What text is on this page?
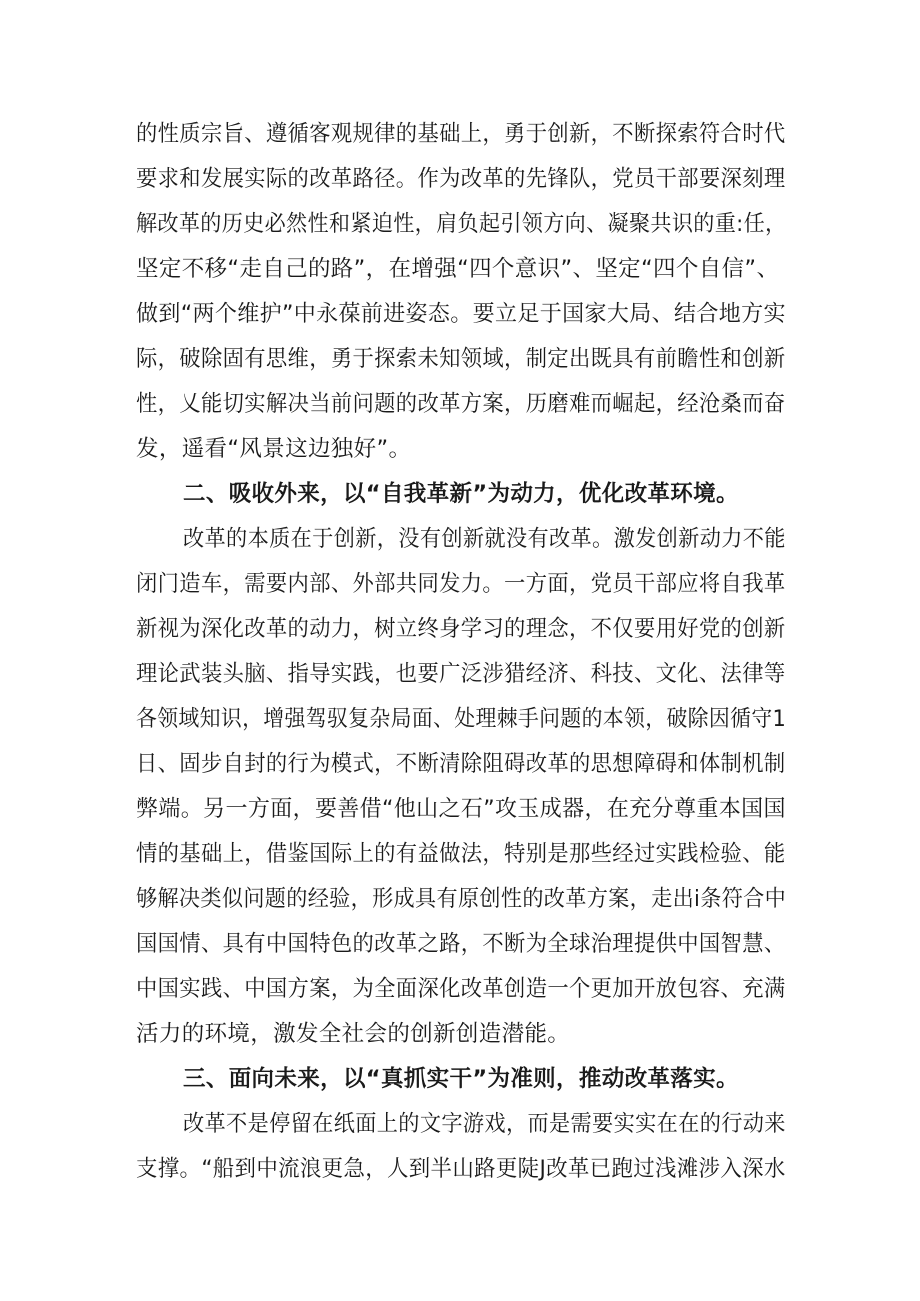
的性质宗旨、遵循客观规律的基础上，勇于创新，不断探索符合时代
要求和发展实际的改革路径。作为改革的先锋队，党员干部要深刻理
解改革的历史必然性和紧迫性，肩负起引领方向、凝聚共识的重:任，
坚定不移“走自己的路”，在增强“四个意识”、坚定“四个自信”、
做到“两个维护”中永葆前进姿态。要立足于国家大局、结合地方实
际，破除固有思维，勇于探索未知领域，制定出既具有前瞻性和创新
性，乂能切实解决当前问题的改革方案，历磨难而崛起，经沧桑而奋
发，遥看“风景这边独好”。
二、吸收外来，以“自我革新”为动力，优化改革环境。
改革的本质在于创新，没有创新就没有改革。激发创新动力不能
闭门造车，需要内部、外部共同发力。一方面，党员干部应将自我革
新视为深化改革的动力，树立终身学习的理念，不仅要用好党的创新
理论武装头脑、指导实践，也要广泛涉猎经济、科技、文化、法律等
各领域知识，增强驾驭复杂局面、处理棘手问题的本领，破除因循守1
日、固步自封的行为模式，不断清除阻碍改革的思想障碍和体制机制
弊端。另一方面，要善借“他山之石”攻玉成器，在充分尊重本国国
情的基础上，借鉴国际上的有益做法，特别是那些经过实践检验、能
够解决类似问题的经验，形成具有原创性的改革方案，走出i条符合中
国国情、具有中国特色的改革之路，不断为全球治理提供中国智慧、
中国实践、中国方案，为全面深化改革创造一个更加开放包容、充满
活力的环境，激发全社会的创新创造潜能。
三、面向未来，以“真抓实干”为准则，推动改革落实。
改革不是停留在纸面上的文字游戏，而是需要实实在在的行动来
支撑。“船到中流浪更急，人到半山路更陡J改革已跑过浅滩涉入深水
